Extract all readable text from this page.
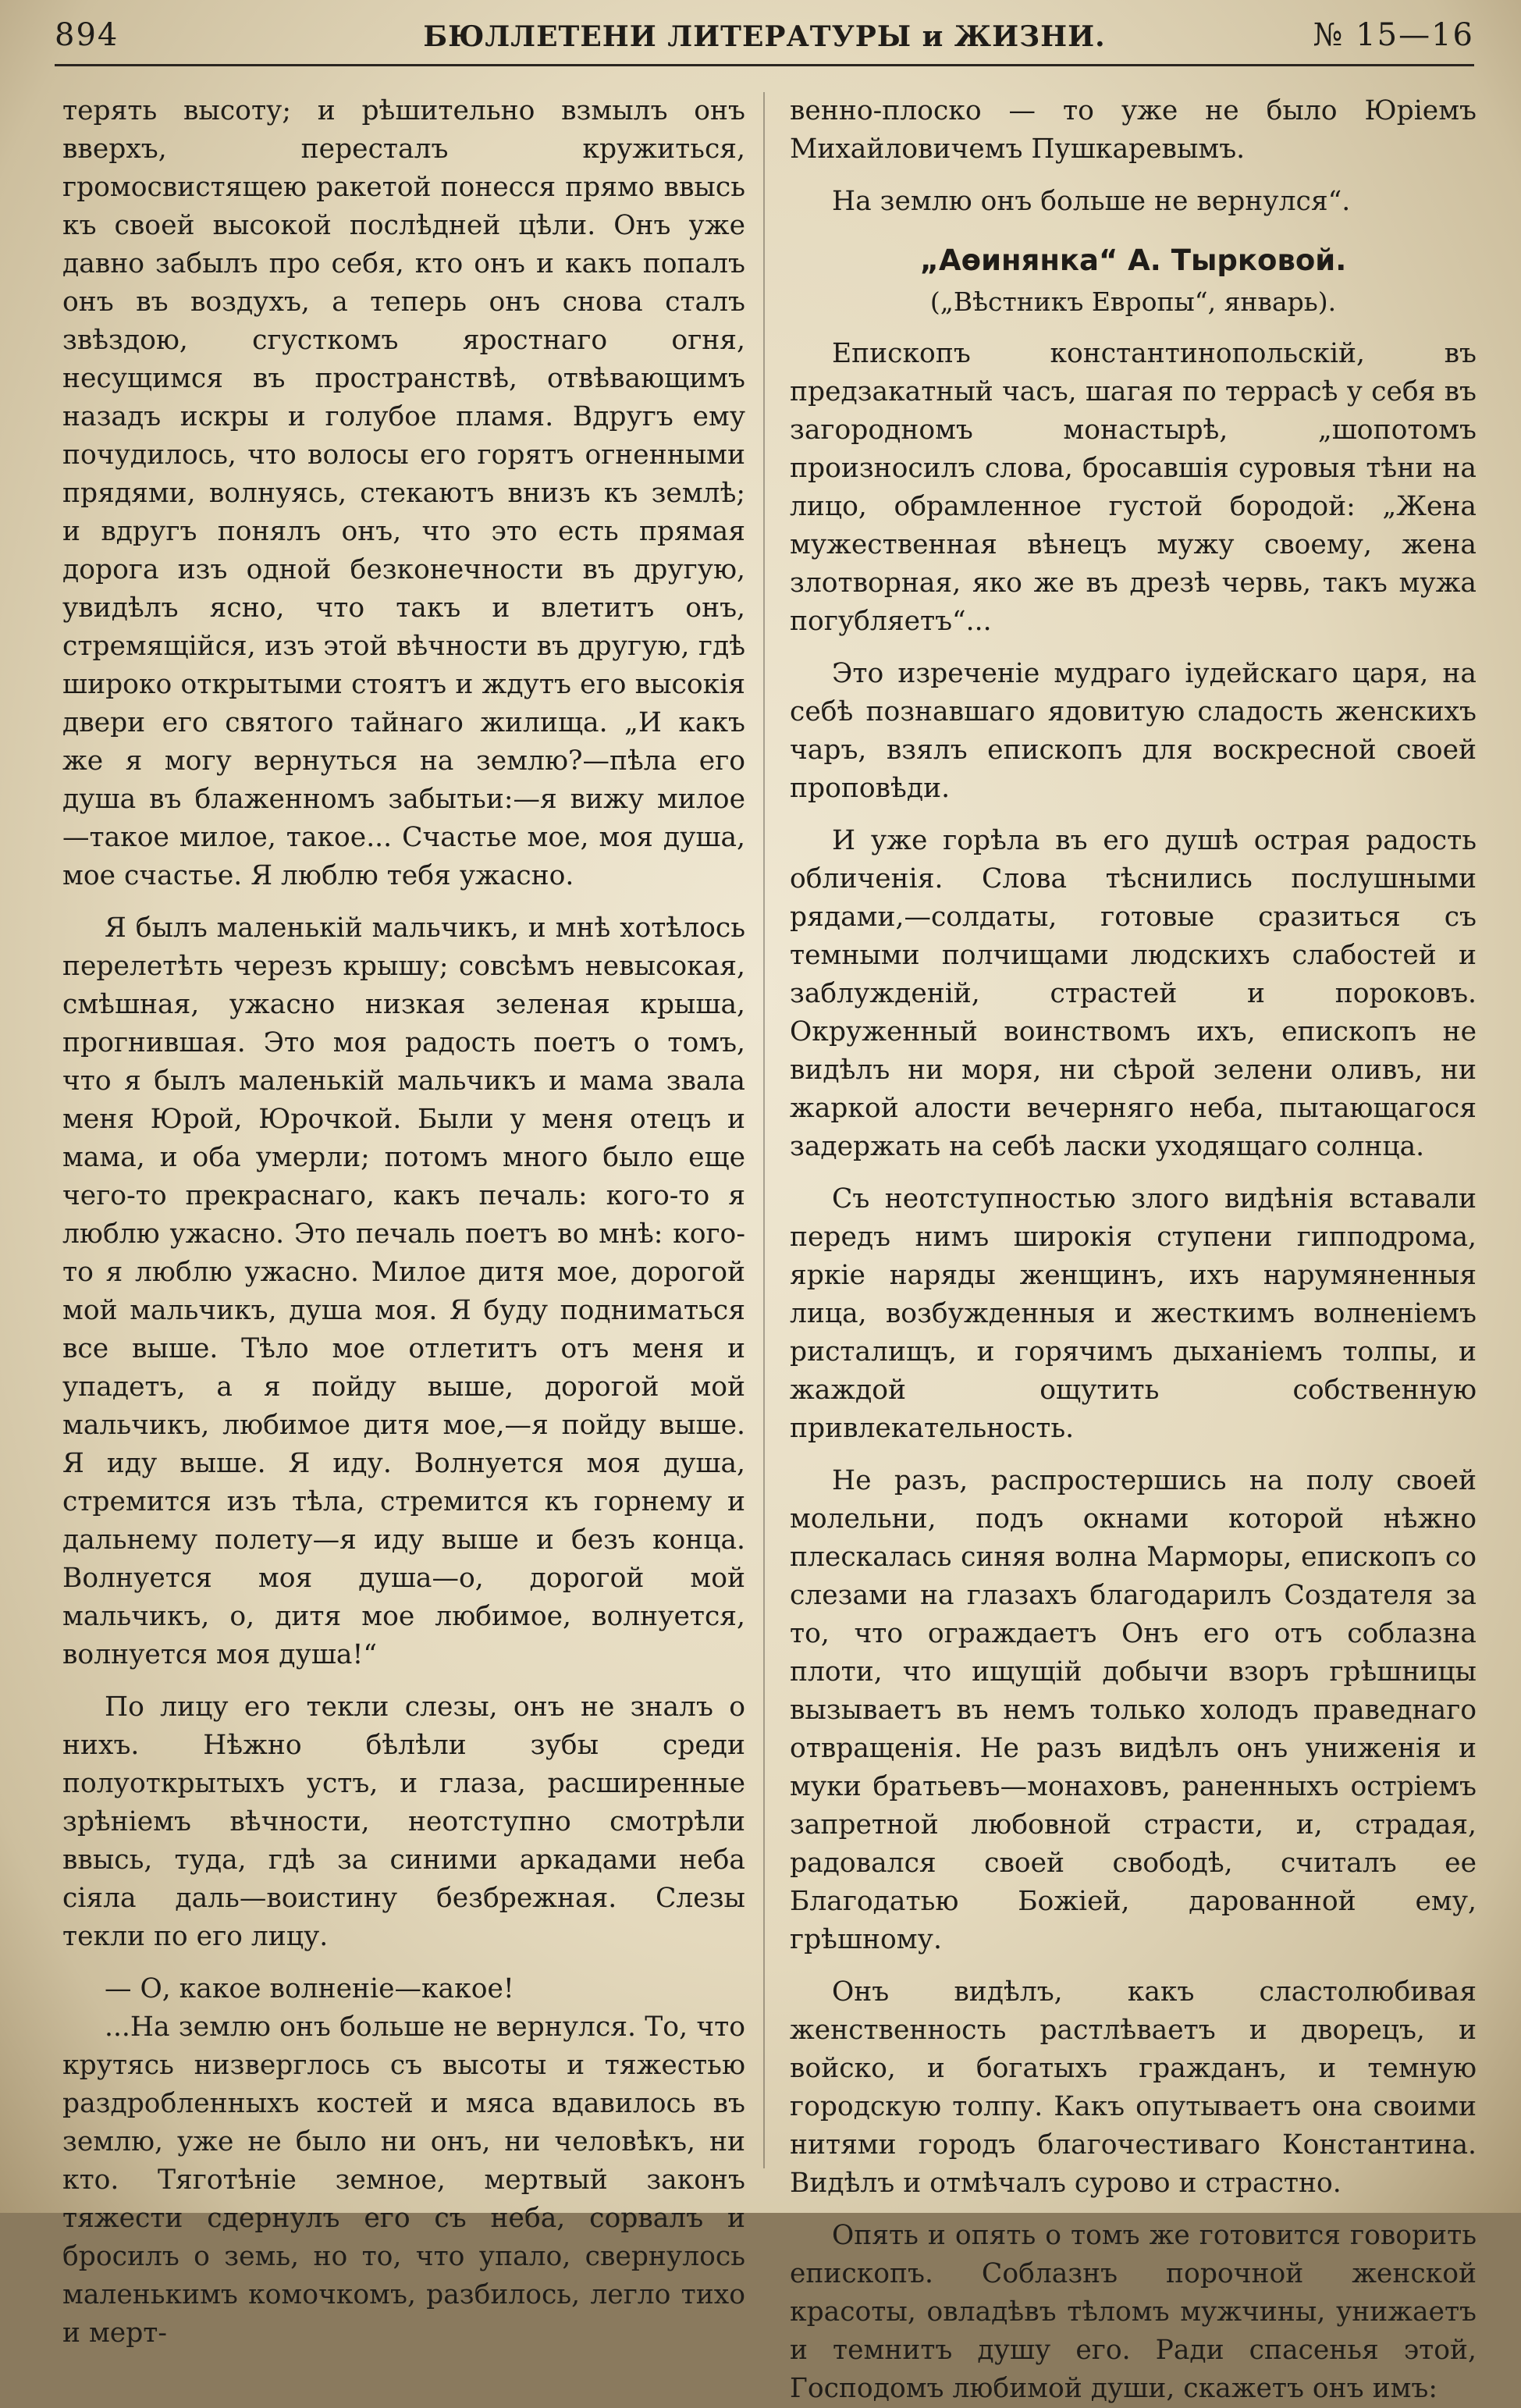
894	БЮЛЛЕТЕНИ ЛИТЕРАТУРЫ и ЖИЗНИ.	№ 15—16

терять высоту; и рѣшительно взмылъ онъ вверхъ, пересталъ кружиться, громосвистящею ракетой понесся прямо ввысь къ своей высокой послѣдней цѣли. Онъ уже давно забылъ про себя, кто онъ и какъ попалъ онъ въ воздухъ, а теперь онъ снова сталъ звѣздою, сгусткомъ яростнаго огня, несущимся въ пространствѣ, отвѣвающимъ назадъ искры и голубое пламя. Вдругъ ему почудилось, что волосы его горятъ огненными прядями, волнуясь, стекаютъ внизъ къ землѣ; и вдругъ понялъ онъ, что это есть прямая дорога изъ одной безконечности въ другую, увидѣлъ ясно, что такъ и влетитъ онъ, стремящійся, изъ этой вѣчности въ другую, гдѣ широко открытыми стоятъ и ждутъ его высокія двери его святого тайнаго жилища. „И какъ же я могу вернуться на землю?—пѣла его душа въ блаженномъ забытьи:—я вижу милое—такое милое, такое... Счастье мое, моя душа, мое счастье. Я люблю тебя ужасно.

Я былъ маленькій мальчикъ, и мнѣ хотѣлось перелетѣть черезъ крышу; совсѣмъ невысокая, смѣшная, ужасно низкая зеленая крыша, прогнившая. Это моя радость поетъ о томъ, что я былъ маленькій мальчикъ и мама звала меня Юрой, Юрочкой. Были у меня отецъ и мама, и оба умерли; потомъ много было еще чего-то прекраснаго, какъ печаль: кого-то я люблю ужасно. Это печаль поетъ во мнѣ: кого-то я люблю ужасно. Милое дитя мое, дорогой мой мальчикъ, душа моя. Я буду подниматься все выше. Тѣло мое отлетитъ отъ меня и упадетъ, а я пойду выше, дорогой мой мальчикъ, любимое дитя мое,—я пойду выше. Я иду выше. Я иду. Волнуется моя душа, стремится изъ тѣла, стремится къ горнему и дальнему полету—я иду выше и безъ конца. Волнуется моя душа—о, дорогой мой мальчикъ, о, дитя мое любимое, волнуется, волнуется моя душа!“

По лицу его текли слезы, онъ не зналъ о нихъ. Нѣжно бѣлѣли зубы среди полуоткрытыхъ устъ, и глаза, расширенные зрѣніемъ вѣчности, неотступно смотрѣли ввысь, туда, гдѣ за синими аркадами неба сіяла даль—воистину безбрежная. Слезы текли по его лицу.

— О, какое волненіе—какое!

...На землю онъ больше не вернулся. То, что крутясь низверглось съ высоты и тяжестью раздробленныхъ костей и мяса вдавилось въ землю, уже не было ни онъ, ни человѣкъ, ни кто. Тяготѣніе земное, мертвый законъ тяжести сдернулъ его съ неба, сорвалъ и бросилъ о земь, но то, что упало, свернулось маленькимъ комочкомъ, разбилось, легло тихо и мерт-

венно-плоско — то уже не было Юріемъ Михайловичемъ Пушкаревымъ.

На землю онъ больше не вернулся“.

„Аѳинянка“ А. Тырковой.
(„Вѣстникъ Европы“, январь).

Епископъ константинопольскій, въ предзакатный часъ, шагая по террасѣ у себя въ загородномъ монастырѣ, „шопотомъ произносилъ слова, бросавшія суровыя тѣни на лицо, обрамленное густой бородой: „Жена мужественная вѣнецъ мужу своему, жена злотворная, яко же въ дрезѣ червь, такъ мужа погубляетъ“...

Это изреченіе мудраго іудейскаго царя, на себѣ познавшаго ядовитую сладость женскихъ чаръ, взялъ епископъ для воскресной своей проповѣди.

И уже горѣла въ его душѣ острая радость обличенія. Слова тѣснились послушными рядами,—солдаты, готовые сразиться съ темными полчищами людскихъ слабостей и заблужденій, страстей и пороковъ. Окруженный воинствомъ ихъ, епископъ не видѣлъ ни моря, ни сѣрой зелени оливъ, ни жаркой алости вечерняго неба, пытающагося задержать на себѣ ласки уходящаго солнца.

Съ неотступностью злого видѣнія вставали передъ нимъ широкія ступени гипподрома, яркіе наряды женщинъ, ихъ нарумяненныя лица, возбужденныя и жесткимъ волненіемъ ристалищъ, и горячимъ дыханіемъ толпы, и жаждой ощутить собственную привлекательность.

Не разъ, распростершись на полу своей молельни, подъ окнами которой нѣжно плескалась синяя волна Марморы, епископъ со слезами на глазахъ благодарилъ Создателя за то, что ограждаетъ Онъ его отъ соблазна плоти, что ищущій добычи взоръ грѣшницы вызываетъ въ немъ только холодъ праведнаго отвращенія. Не разъ видѣлъ онъ униженія и муки братьевъ—монаховъ, раненныхъ остріемъ запретной любовной страсти, и, страдая, радовался своей свободѣ, считалъ ее Благодатью Божіей, дарованной ему, грѣшному.

Онъ видѣлъ, какъ сластолюбивая женственность растлѣваетъ и дворецъ, и войско, и богатыхъ гражданъ, и темную городскую толпу. Какъ опутываетъ она своими нитями городъ благочестиваго Константина. Видѣлъ и отмѣчалъ сурово и страстно.

Опять и опять о томъ же готовится говорить епископъ. Соблазнъ порочной женской красоты, овладѣвъ тѣломъ мужчины, унижаетъ и темнитъ душу его. Ради спасенья этой, Господомъ любимой души, скажетъ онъ имъ:
